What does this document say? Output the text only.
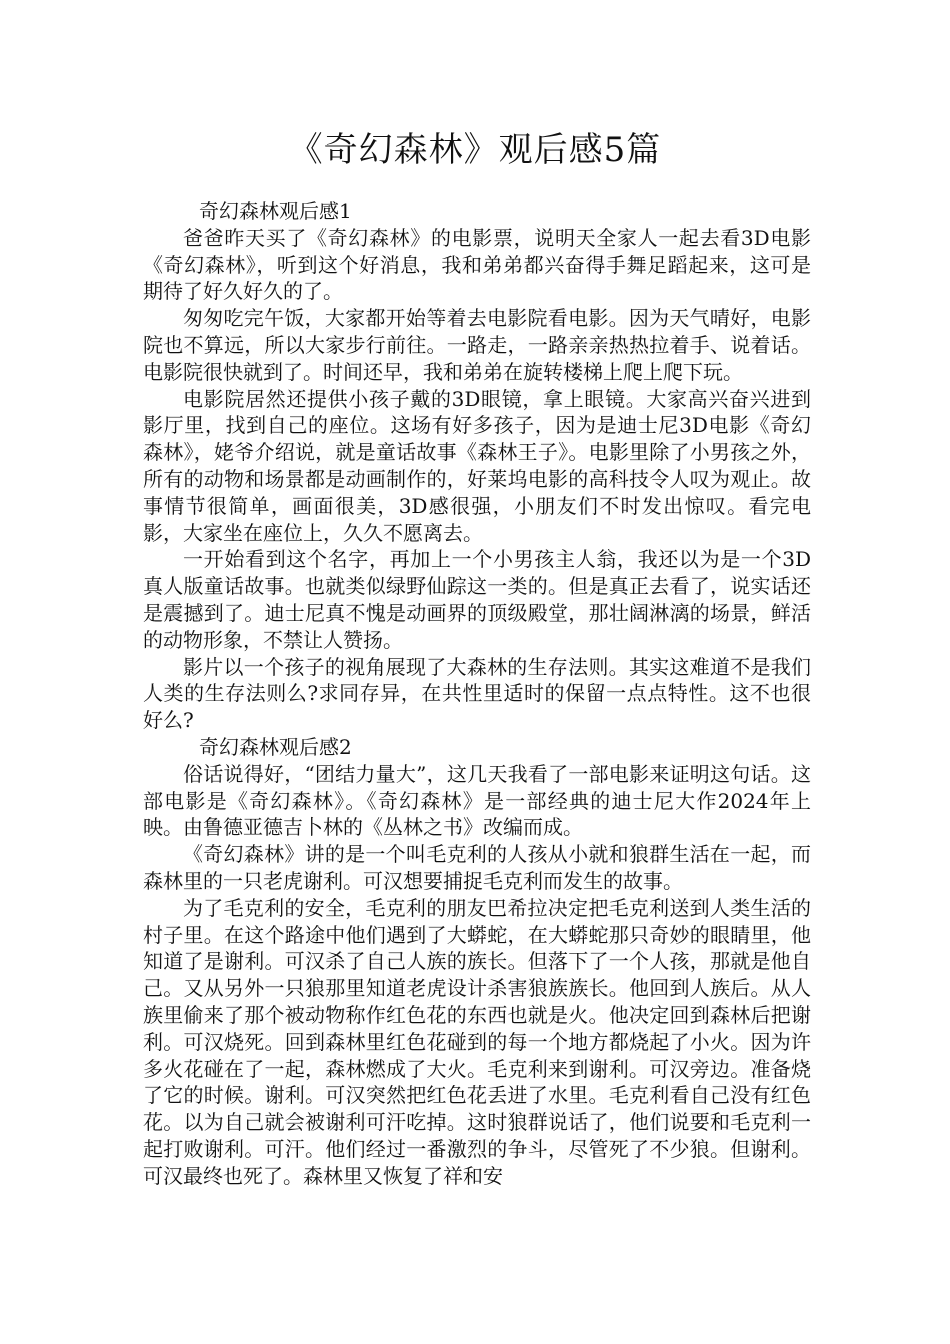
《奇幻森林》观后感5篇

奇幻森林观后感1

爸爸昨天买了《奇幻森林》的电影票，说明天全家人一起去看3D电影《奇幻森林》，听到这个好消息，我和弟弟都兴奋得手舞足蹈起来，这可是期待了好久好久的了。

匆匆吃完午饭，大家都开始等着去电影院看电影。因为天气晴好，电影院也不算远，所以大家步行前往。一路走，一路亲亲热热拉着手、说着话。电影院很快就到了。时间还早，我和弟弟在旋转楼梯上爬上爬下玩。

电影院居然还提供小孩子戴的3D眼镜，拿上眼镜。大家高兴奋兴进到影厅里，找到自己的座位。这场有好多孩子，因为是迪士尼3D电影《奇幻森林》，姥爷介绍说，就是童话故事《森林王子》。电影里除了小男孩之外，所有的动物和场景都是动画制作的，好莱坞电影的高科技令人叹为观止。故事情节很简单，画面很美，3D感很强，小朋友们不时发出惊叹。看完电影，大家坐在座位上，久久不愿离去。

一开始看到这个名字，再加上一个小男孩主人翁，我还以为是一个3D真人版童话故事。也就类似绿野仙踪这一类的。但是真正去看了，说实话还是震撼到了。迪士尼真不愧是动画界的顶级殿堂，那壮阔淋漓的场景，鲜活的动物形象，不禁让人赞扬。

影片以一个孩子的视角展现了大森林的生存法则。其实这难道不是我们人类的生存法则么?求同存异，在共性里适时的保留一点点特性。这不也很好么?

奇幻森林观后感2

俗话说得好，“团结力量大”，这几天我看了一部电影来证明这句话。这部电影是《奇幻森林》。《奇幻森林》是一部经典的迪士尼大作2024年上映。由鲁德亚德吉卜林的《丛林之书》改编而成。

《奇幻森林》讲的是一个叫毛克利的人孩从小就和狼群生活在一起，而森林里的一只老虎谢利。可汉想要捕捉毛克利而发生的故事。

为了毛克利的安全，毛克利的朋友巴希拉决定把毛克利送到人类生活的村子里。在这个路途中他们遇到了大蟒蛇，在大蟒蛇那只奇妙的眼睛里，他知道了是谢利。可汉杀了自己人族的族长。但落下了一个人孩，那就是他自己。又从另外一只狼那里知道老虎设计杀害狼族族长。他回到人族后。从人族里偷来了那个被动物称作红色花的东西也就是火。他决定回到森林后把谢利。可汉烧死。回到森林里红色花碰到的每一个地方都烧起了小火。因为许多火花碰在了一起，森林燃成了大火。毛克利来到谢利。可汉旁边。准备烧了它的时候。谢利。可汉突然把红色花丢进了水里。毛克利看自己没有红色花。以为自己就会被谢利可汗吃掉。这时狼群说话了，他们说要和毛克利一起打败谢利。可汗。他们经过一番激烈的争斗，尽管死了不少狼。但谢利。可汉最终也死了。森林里又恢复了祥和安
